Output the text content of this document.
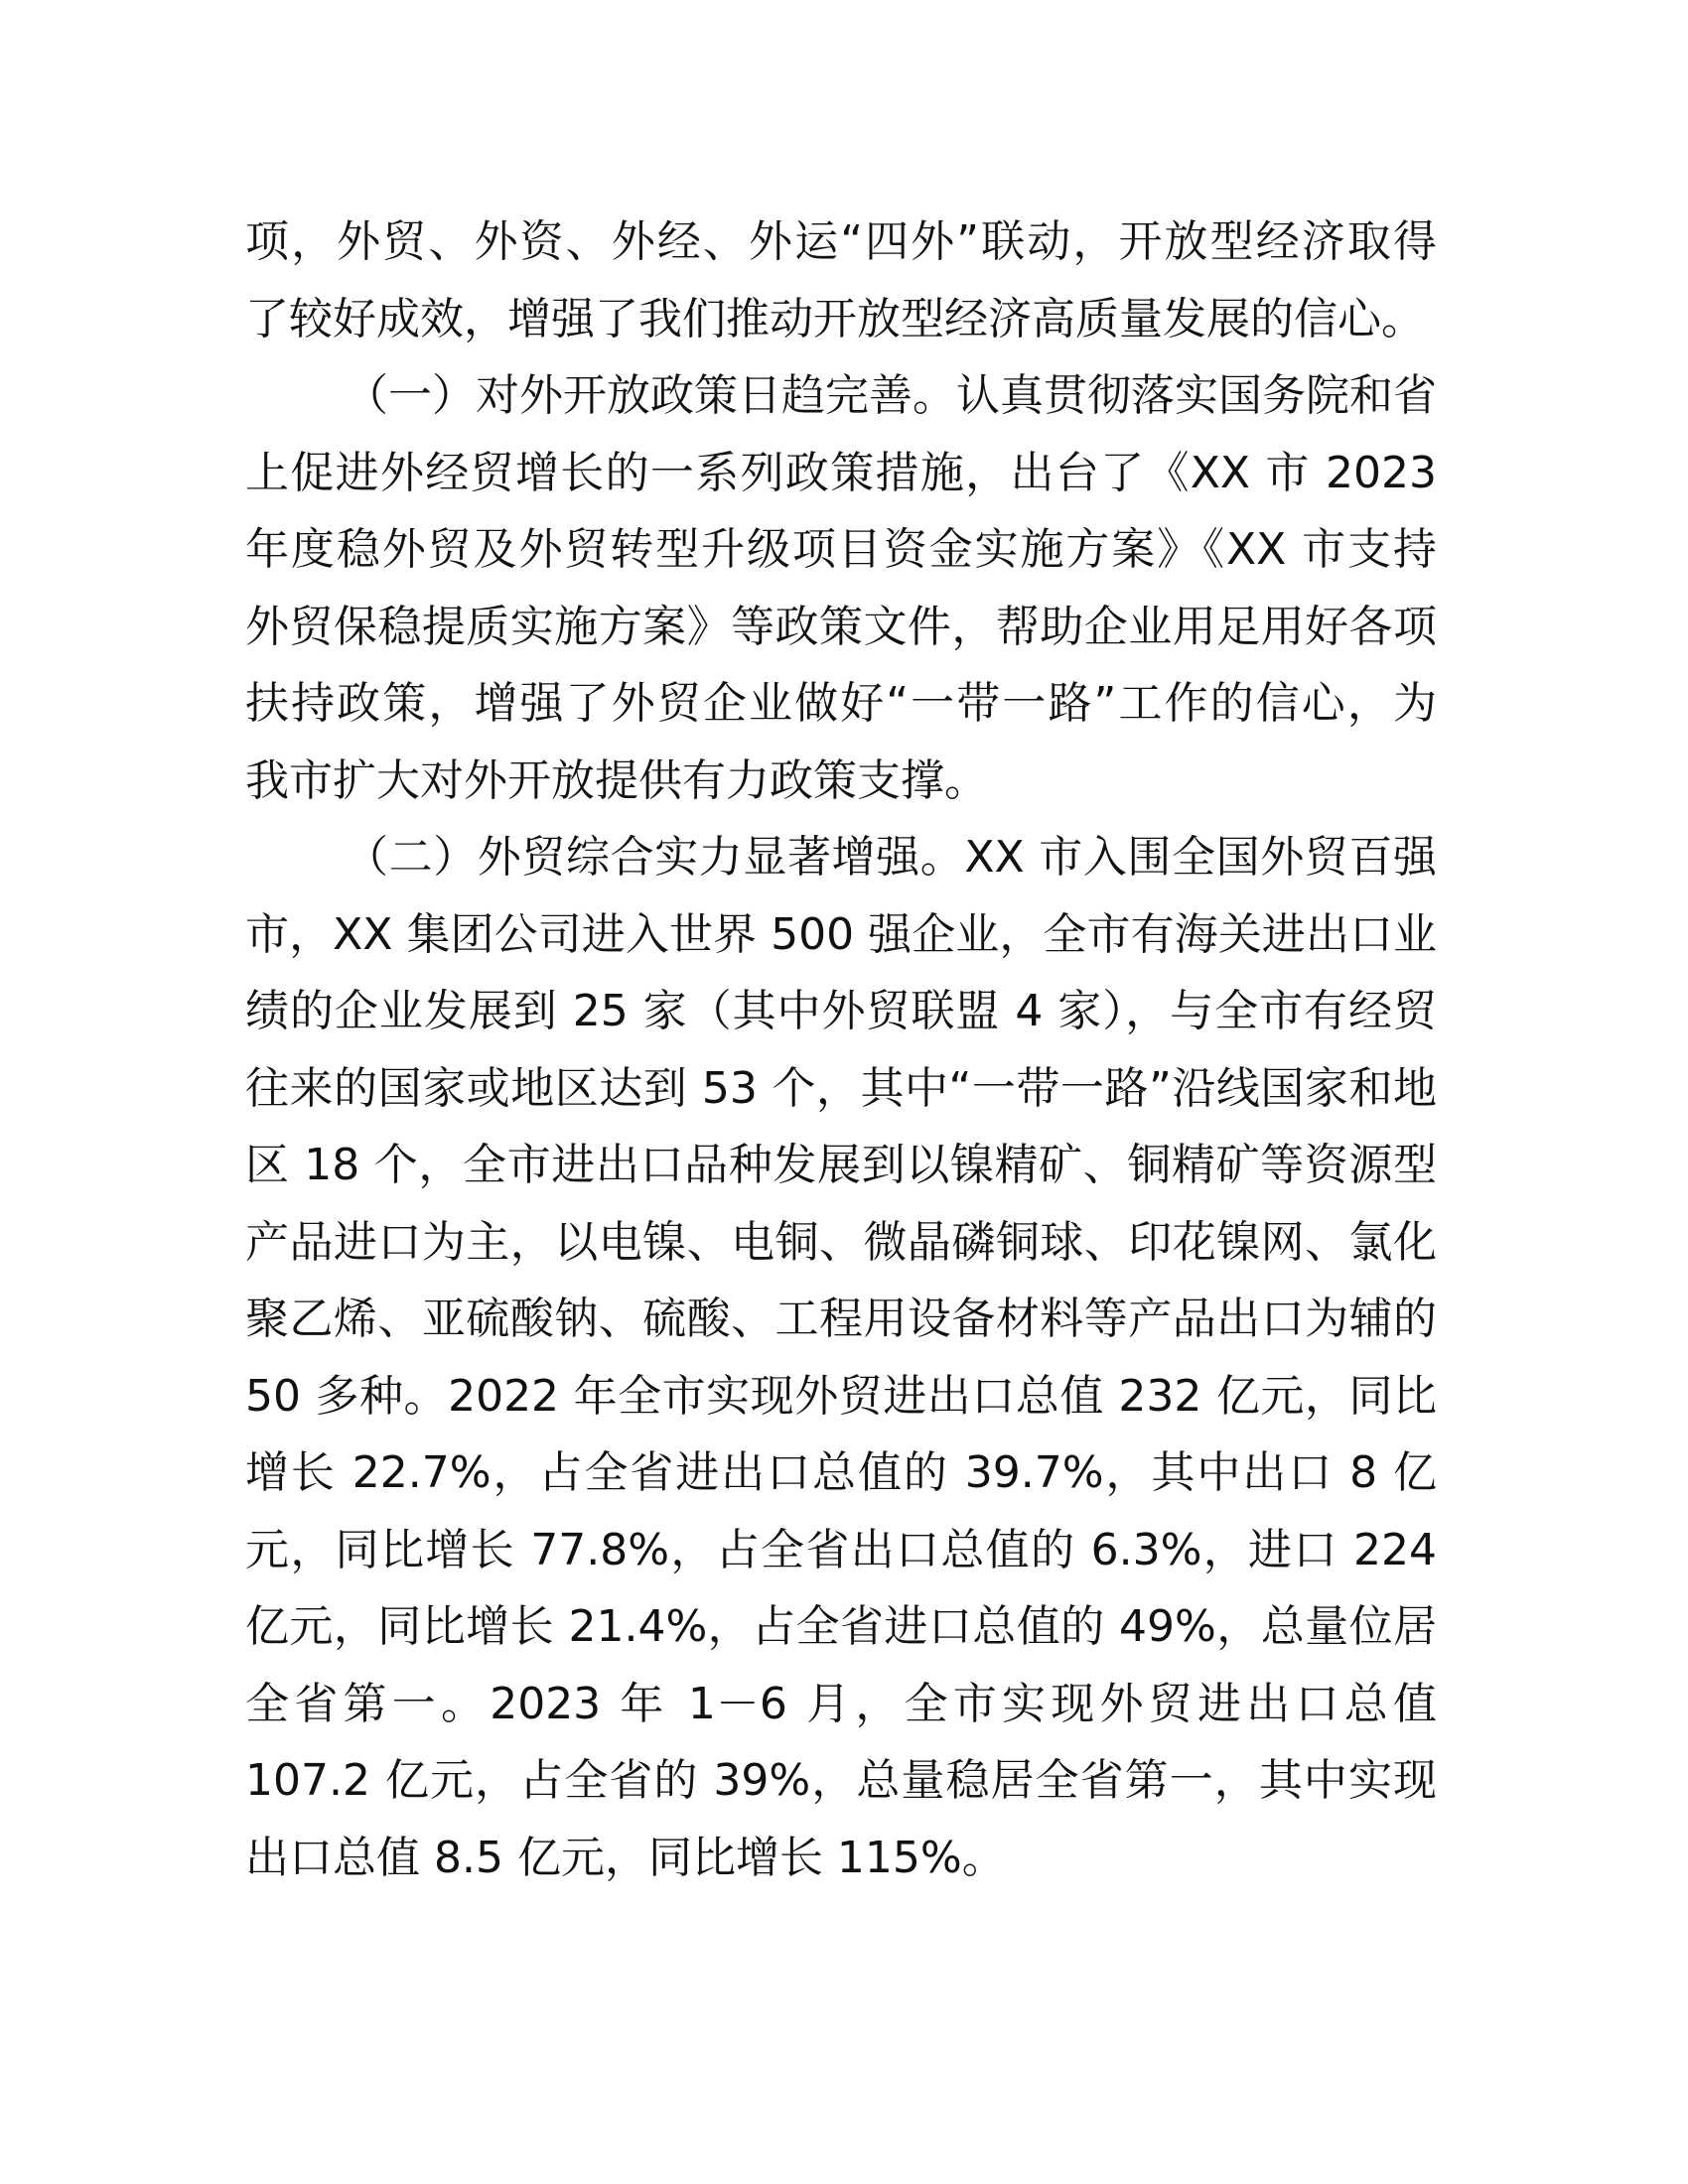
项，外贸、外资、外经、外运“四外”联动，开放型经济取得
了较好成效，增强了我们推动开放型经济高质量发展的信心。
（一）对外开放政策日趋完善。认真贯彻落实国务院和省
上促进外经贸增长的一系列政策措施，出台了《XX 市 2023
年度稳外贸及外贸转型升级项目资金实施方案》《XX 市支持
外贸保稳提质实施方案》等政策文件，帮助企业用足用好各项
扶持政策，增强了外贸企业做好“一带一路”工作的信心，为
我市扩大对外开放提供有力政策支撑。
（二）外贸综合实力显著增强。XX 市入围全国外贸百强
市，XX 集团公司进入世界 500 强企业，全市有海关进出口业
绩的企业发展到 25 家（其中外贸联盟 4 家），与全市有经贸
往来的国家或地区达到 53 个，其中“一带一路”沿线国家和地
区 18 个，全市进出口品种发展到以镍精矿、铜精矿等资源型
产品进口为主，以电镍、电铜、微晶磷铜球、印花镍网、氯化
聚乙烯、亚硫酸钠、硫酸、工程用设备材料等产品出口为辅的
50 多种。2022 年全市实现外贸进出口总值 232 亿元，同比
增长 22.7%，占全省进出口总值的 39.7%，其中出口 8 亿
元，同比增长 77.8%，占全省出口总值的 6.3%，进口 224
亿元，同比增长 21.4%，占全省进口总值的 49%，总量位居
全省第一。2023 年 1－6 月，全市实现外贸进出口总值
107.2 亿元，占全省的 39%，总量稳居全省第一，其中实现
出口总值 8.5 亿元，同比增长 115%。
